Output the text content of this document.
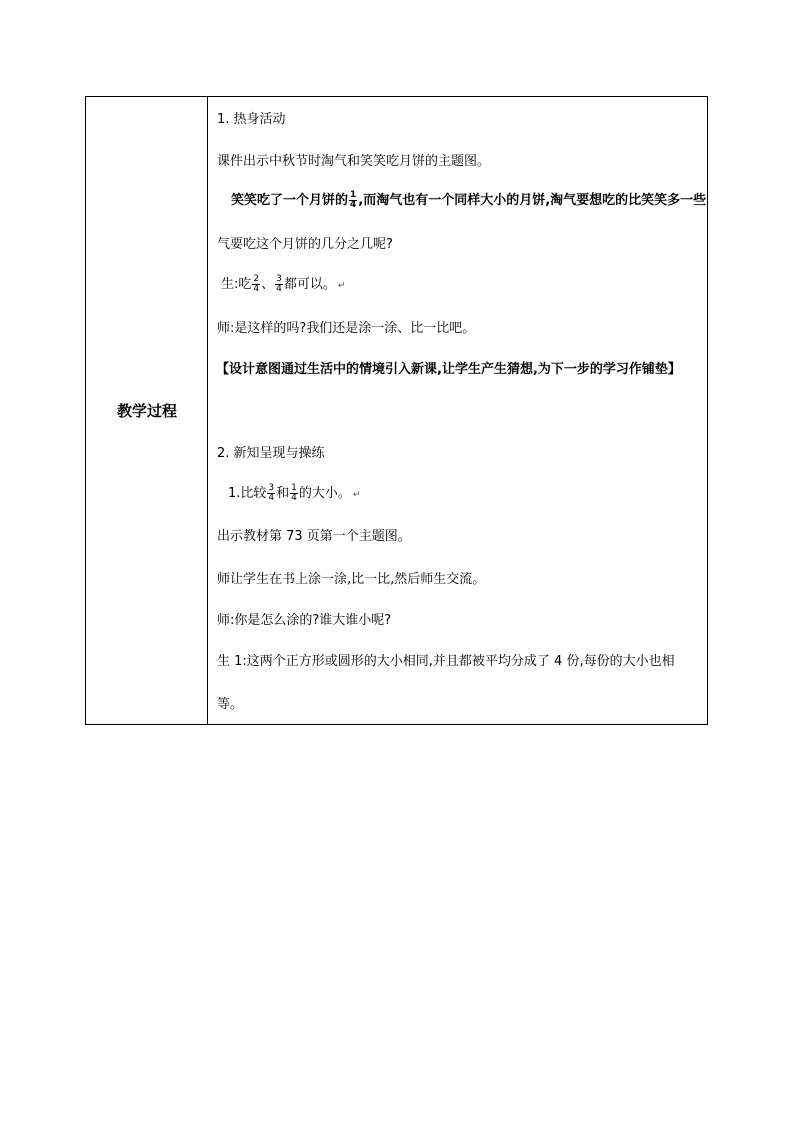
教学过程
1. 热身活动
课件出示中秋节时淘气和笑笑吃月饼的主题图。
笑笑吃了一个月饼的 $\frac{1}{4}$ ,而淘气也有一个同样大小的月饼,淘气要想吃的比笑笑多一些
气要吃这个月饼的几分之几呢?
生:吃 $\frac{2}{4}$ 、 $\frac{3}{4}$ 都可以。 ↵
师:是这样的吗?我们还是涂一涂、比一比吧。
【设计意图通过生活中的情境引入新课,让学生产生猜想,为下一步的学习作铺垫】
2. 新知呈现与操练
1.比较 $\frac{3}{4}$ 和 $\frac{1}{4}$ 的大小。 ↵
出示教材第 73 页第一个主题图。
师让学生在书上涂一涂,比一比,然后师生交流。
师:你是怎么涂的?谁大谁小呢?
生 1:这两个正方形或圆形的大小相同,并且都被平均分成了 4 份,每份的大小也相
等。
